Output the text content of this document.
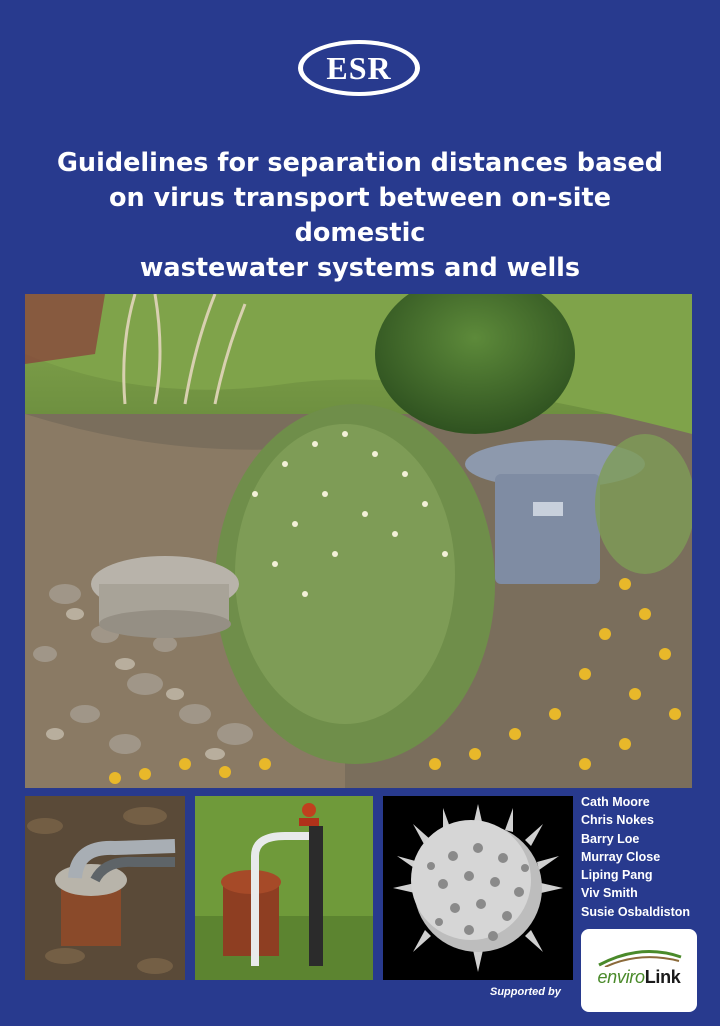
ESR
Guidelines for separation distances based
on virus transport between on-site domestic
wastewater systems and wells
Cath Moore
Chris Nokes
Barry Loe
Murray Close
Liping Pang
Viv Smith
Susie Osbaldiston
Supported by
enviroLink
